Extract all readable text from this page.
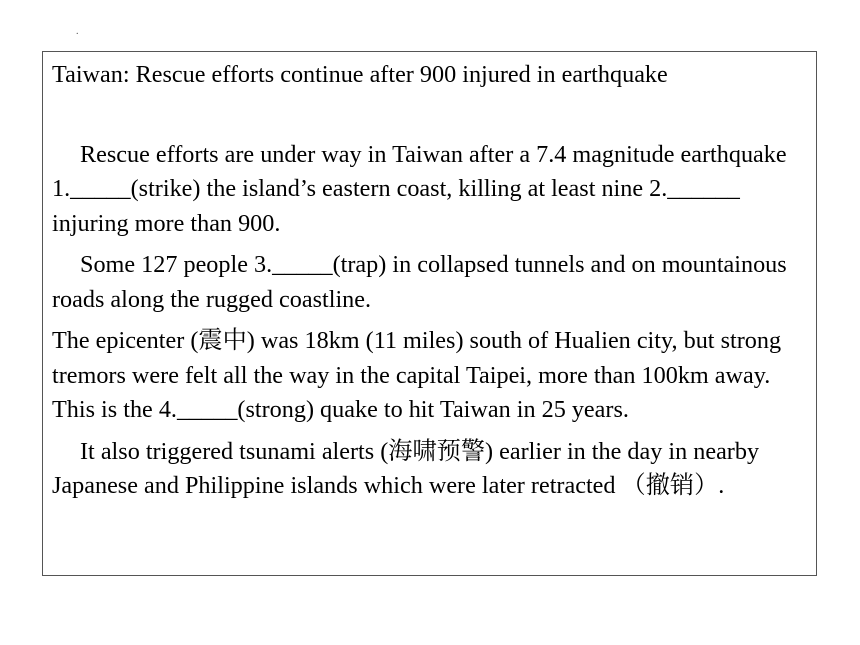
.

Taiwan: Rescue efforts continue after 900 injured in earthquake

Rescue efforts are under way in Taiwan after a 7.4 magnitude earthquake 1._____(strike) the island’s eastern coast, killing at least nine 2.______ injuring more than 900.

Some 127 people 3._____(trap) in collapsed tunnels and on mountainous roads along the rugged coastline.

The epicenter (震中) was 18km (11 miles) south of Hualien city, but strong tremors were felt all the way in the capital Taipei, more than 100km away. This is the 4._____(strong) quake to hit Taiwan in 25 years.

It also triggered tsunami alerts (海啸预警) earlier in the day in nearby Japanese and Philippine islands which were later retracted （撤销）.
